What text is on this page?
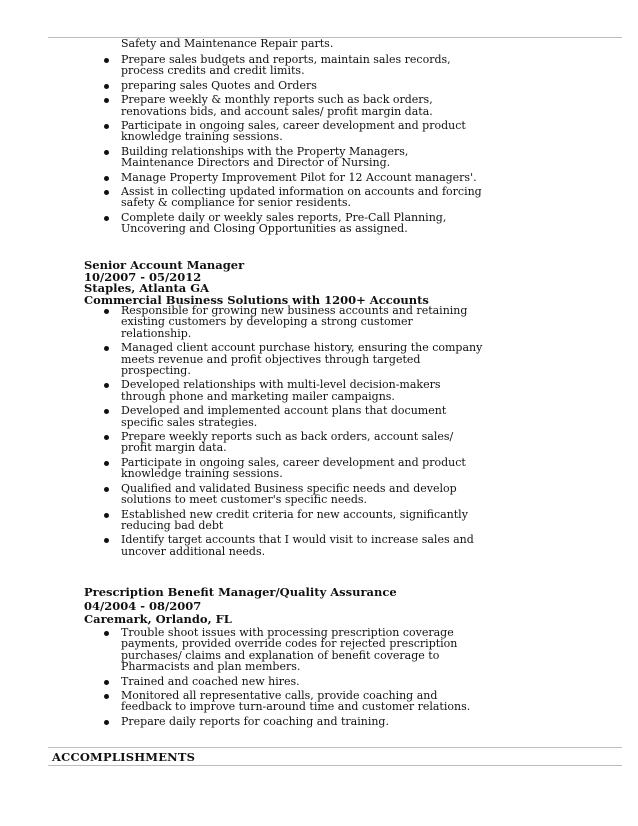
Safety and Maintenance Repair parts.
Prepare sales budgets and reports, maintain sales records,
process credits and credit limits.
preparing sales Quotes and Orders
Prepare weekly & monthly reports such as back orders,
renovations bids, and account sales/ profit margin data.
Participate in ongoing sales, career development and product
knowledge training sessions.
Building relationships with the Property Managers,
Maintenance Directors and Director of Nursing.
Manage Property Improvement Pilot for 12 Account managers'.
Assist in collecting updated information on accounts and forcing
safety & compliance for senior residents.
Complete daily or weekly sales reports, Pre-Call Planning,
Uncovering and Closing Opportunities as assigned.
Senior Account Manager
10/2007 - 05/2012
Staples, Atlanta GA
Commercial Business Solutions with 1200+ Accounts
Responsible for growing new business accounts and retaining
existing customers by developing a strong customer
relationship.
Managed client account purchase history, ensuring the company
meets revenue and profit objectives through targeted
prospecting.
Developed relationships with multi-level decision-makers
through phone and marketing mailer campaigns.
Developed and implemented account plans that document
specific sales strategies.
Prepare weekly reports such as back orders, account sales/
profit margin data.
Participate in ongoing sales, career development and product
knowledge training sessions.
Qualified and validated Business specific needs and develop
solutions to meet customer's specific needs.
Established new credit criteria for new accounts, significantly
reducing bad debt
Identify target accounts that I would visit to increase sales and
uncover additional needs.
Prescription Benefit Manager/Quality Assurance
04/2004 - 08/2007
Caremark, Orlando, FL
Trouble shoot issues with processing prescription coverage
payments, provided override codes for rejected prescription
purchases/ claims and explanation of benefit coverage to
Pharmacists and plan members.
Trained and coached new hires.
Monitored all representative calls, provide coaching and
feedback to improve turn-around time and customer relations.
Prepare daily reports for coaching and training.
ACCOMPLISHMENTS
